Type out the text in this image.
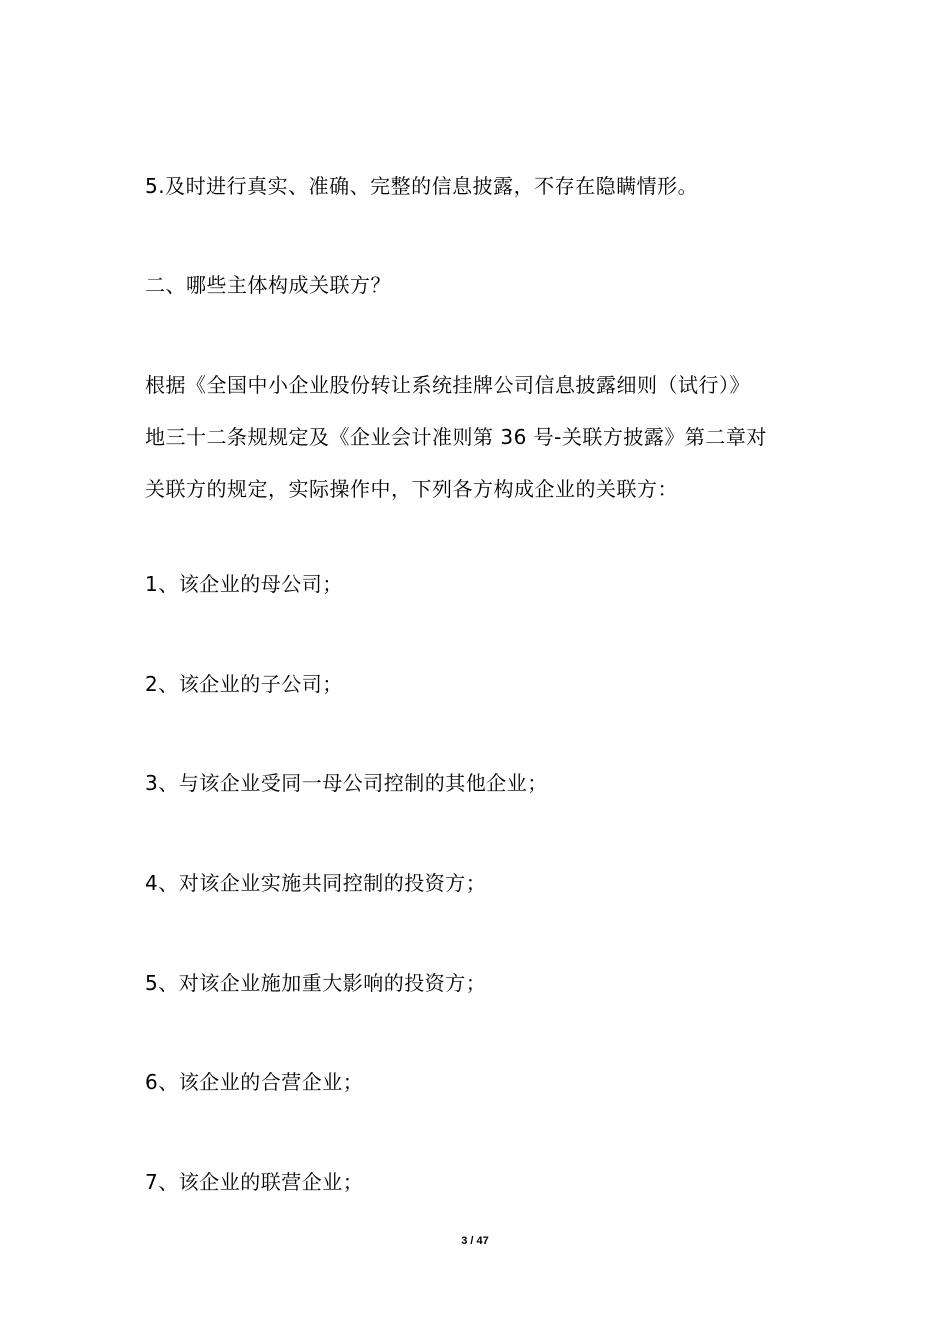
5.及时进行真实、准确、完整的信息披露，不存在隐瞒情形。
二、哪些主体构成关联方？
根据《全国中小企业股份转让系统挂牌公司信息披露细则（试行）》
地三十二条规规定及《企业会计准则第 36 号-关联方披露》第二章对
关联方的规定，实际操作中，下列各方构成企业的关联方：
1、该企业的母公司；
2、该企业的子公司；
3、与该企业受同一母公司控制的其他企业；
4、对该企业实施共同控制的投资方；
5、对该企业施加重大影响的投资方；
6、该企业的合营企业；
7、该企业的联营企业；
3 / 47
